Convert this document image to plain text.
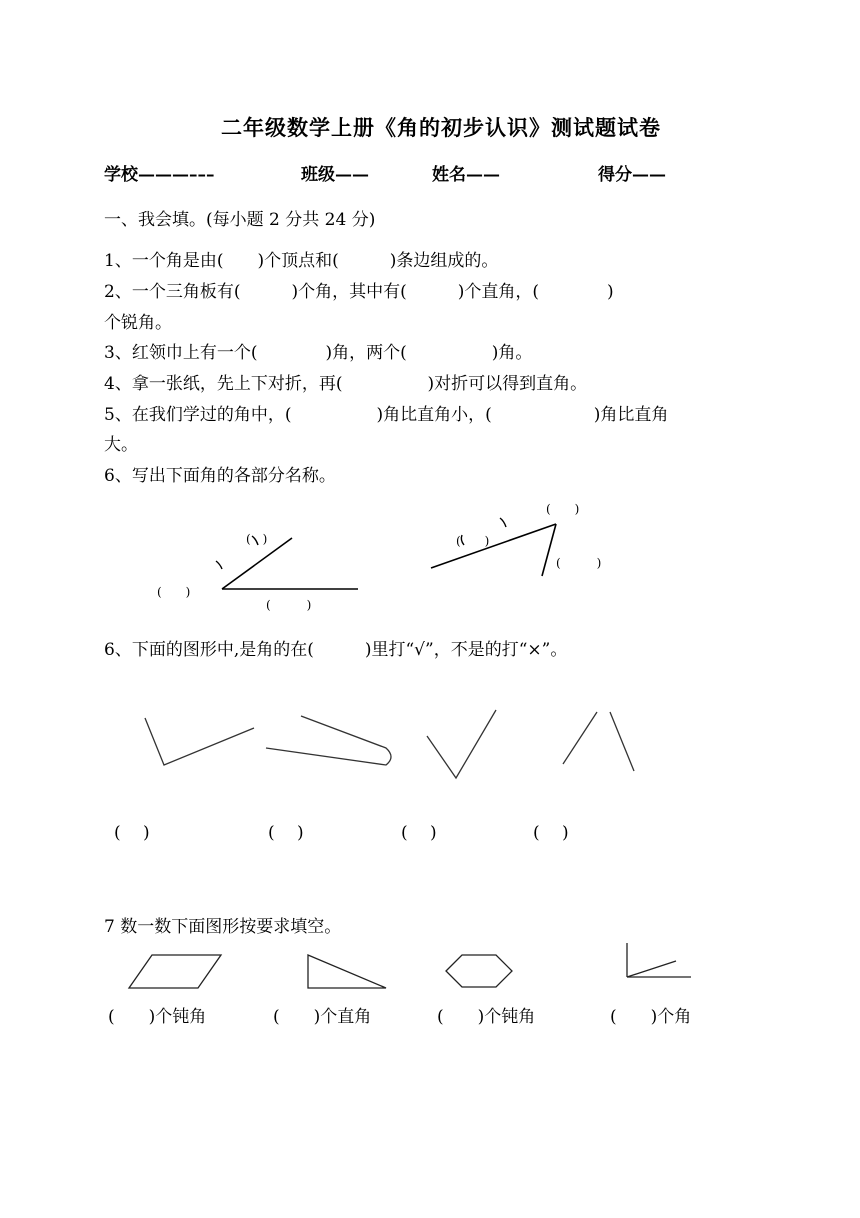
二年级数学上册《角的初步认识》测试题试卷
学校———–––	班级——	姓名——	得分——
一、我会填。(每小题 2 分共 24 分)
1、一个角是由(　　)个顶点和(　　　)条边组成的。
2、一个三角板有(　　　)个角，其中有(　　　)个直角，(　　　　)
个锐角。
3、红领巾上有一个(　　　　)角，两个(　　　　　)角。
4、拿一张纸，先上下对折，再(　　　　　)对折可以得到直角。
5、在我们学过的角中，(　　　　　)角比直角小，(　　　　　　)角比直角
大。
6、写出下面角的各部分名称。
(　)
(　　)
(　　　)
(　　)
(　　)
(　　　)
6、下面的图形中,是角的在(　　　)里打“√”，不是的打“×”。
(　 )	(　 )	(　 )	(　 )
7 数一数下面图形按要求填空。
(　　)个钝角	(　　)个直角	(　　)个钝角	(　　)个角
